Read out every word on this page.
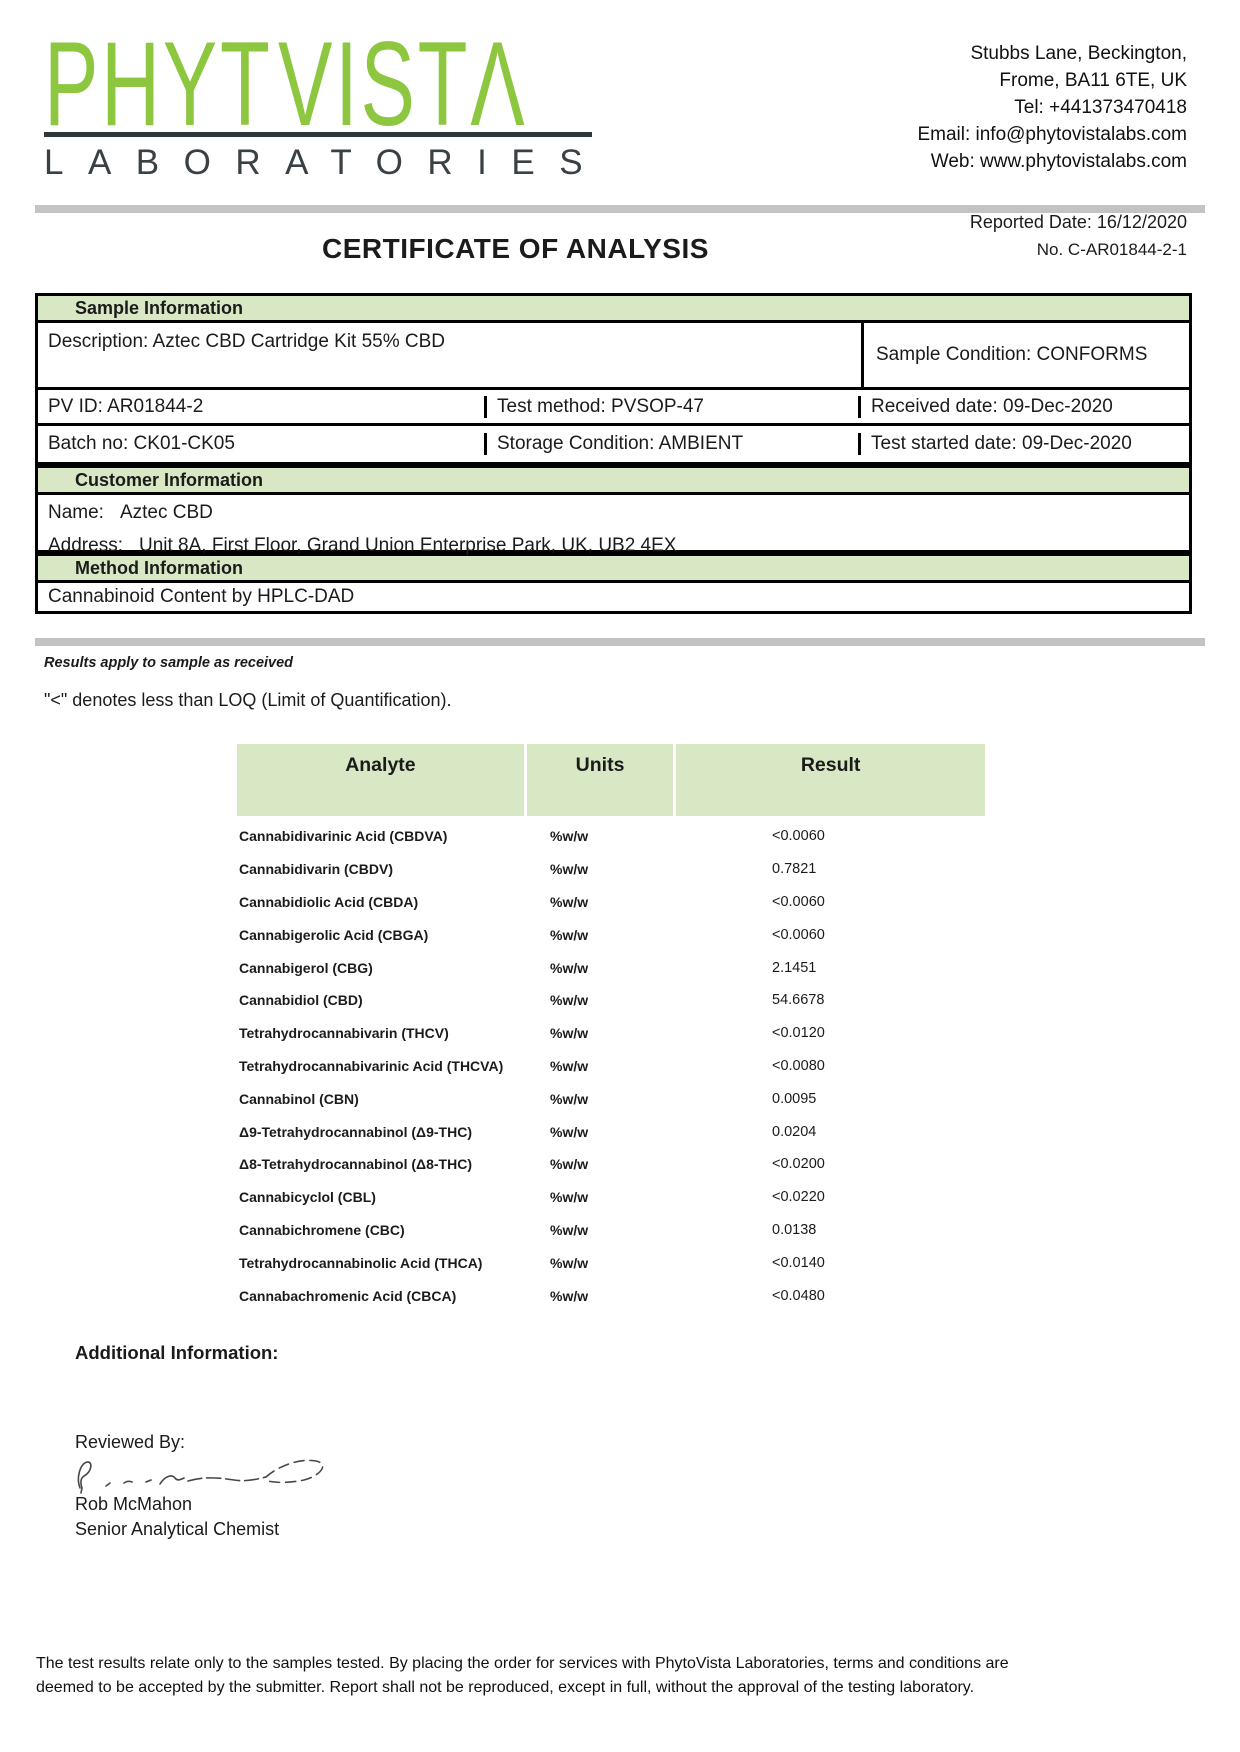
PHYT VISTΛ
LABORATORIES
Stubbs Lane, Beckington,
Frome, BA11 6TE, UK
Tel: +441373470418
Email: info@phytovistalabs.com
Web: www.phytovistalabs.com
Reported Date: 16/12/2020
No. C-AR01844-2-1
CERTIFICATE OF ANALYSIS
Sample Information
Description: Aztec CBD Cartridge Kit 55% CBD
Sample Condition: CONFORMS
PV ID: AR01844-2	Test method: PVSOP-47	Received date: 09-Dec-2020
Batch no: CK01-CK05	Storage Condition: AMBIENT	Test started date: 09-Dec-2020
Customer Information
Name: Aztec CBD
Address: Unit 8A, First Floor, Grand Union Enterprise Park, UK, UB2 4EX
Method Information
Cannabinoid Content by HPLC-DAD
Results apply to sample as received
"<" denotes less than LOQ (Limit of Quantification).
Analyte	Units	Result
Cannabidivarinic Acid (CBDVA)	%w/w	<0.0060
Cannabidivarin (CBDV)	%w/w	0.7821
Cannabidiolic Acid (CBDA)	%w/w	<0.0060
Cannabigerolic Acid (CBGA)	%w/w	<0.0060
Cannabigerol (CBG)	%w/w	2.1451
Cannabidiol (CBD)	%w/w	54.6678
Tetrahydrocannabivarin (THCV)	%w/w	<0.0120
Tetrahydrocannabivarinic Acid (THCVA)	%w/w	<0.0080
Cannabinol (CBN)	%w/w	0.0095
Δ9-Tetrahydrocannabinol (Δ9-THC)	%w/w	0.0204
Δ8-Tetrahydrocannabinol (Δ8-THC)	%w/w	<0.0200
Cannabicyclol (CBL)	%w/w	<0.0220
Cannabichromene (CBC)	%w/w	0.0138
Tetrahydrocannabinolic Acid (THCA)	%w/w	<0.0140
Cannabachromenic Acid (CBCA)	%w/w	<0.0480
Additional Information:
Reviewed By:
Rob McMahon
Senior Analytical Chemist
The test results relate only to the samples tested. By placing the order for services with PhytoVista Laboratories, terms and conditions are
deemed to be accepted by the submitter. Report shall not be reproduced, except in full, without the approval of the testing laboratory.
